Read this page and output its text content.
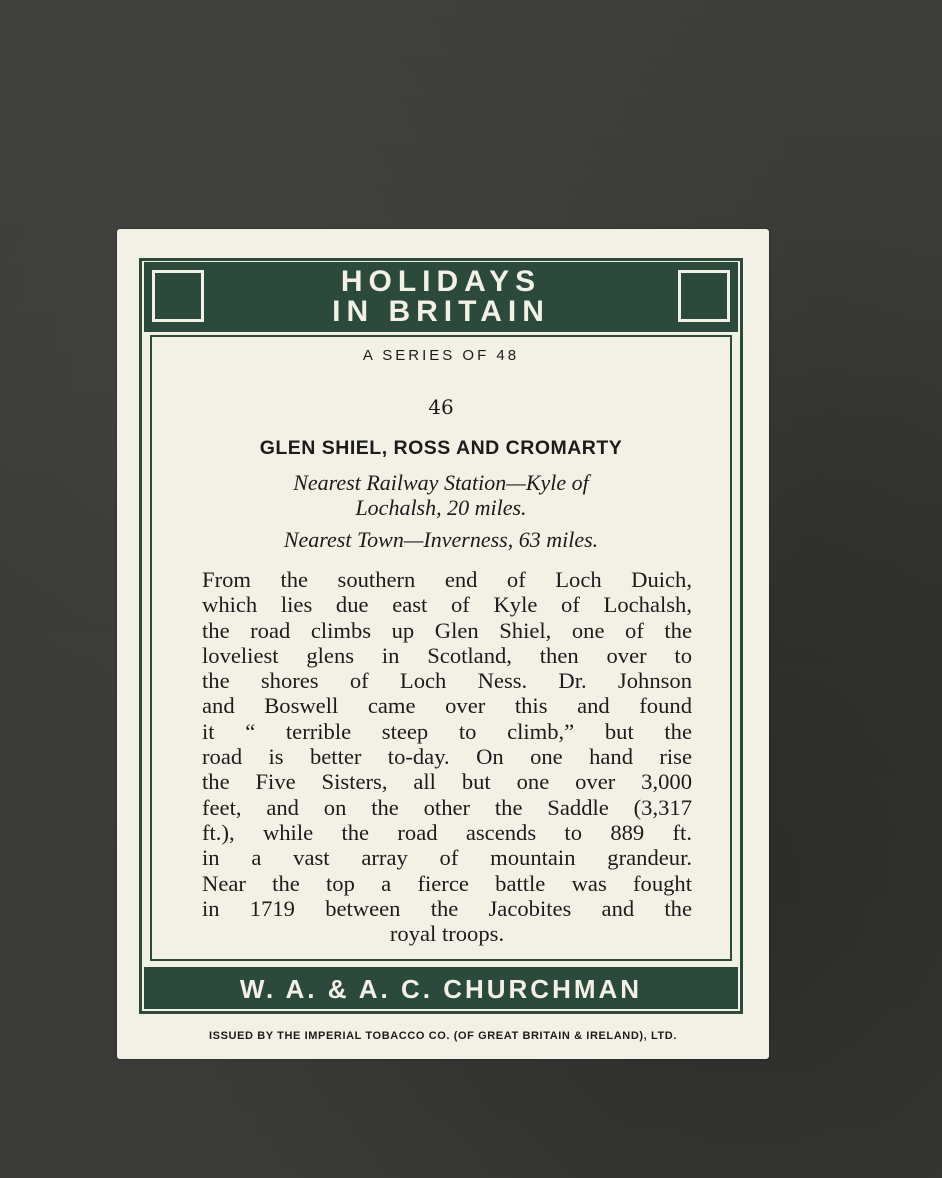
HOLIDAYS
IN BRITAIN
A SERIES OF 48
46
GLEN SHIEL, ROSS AND CROMARTY
Nearest Railway Station—Kyle of
Lochalsh, 20 miles.
Nearest Town—Inverness, 63 miles.
From the southern end of Loch Duich,
which lies due east of Kyle of Lochalsh,
the road climbs up Glen Shiel, one of the
loveliest glens in Scotland, then over to
the shores of Loch Ness. Dr. Johnson
and Boswell came over this and found
it “ terrible steep to climb,” but the
road is better to-day. On one hand rise
the Five Sisters, all but one over 3,000
feet, and on the other the Saddle (3,317
ft.), while the road ascends to 889 ft.
in a vast array of mountain grandeur.
Near the top a fierce battle was fought
in 1719 between the Jacobites and the
royal troops.
W. A. & A. C. CHURCHMAN
ISSUED BY THE IMPERIAL TOBACCO CO. (OF GREAT BRITAIN & IRELAND), LTD.
